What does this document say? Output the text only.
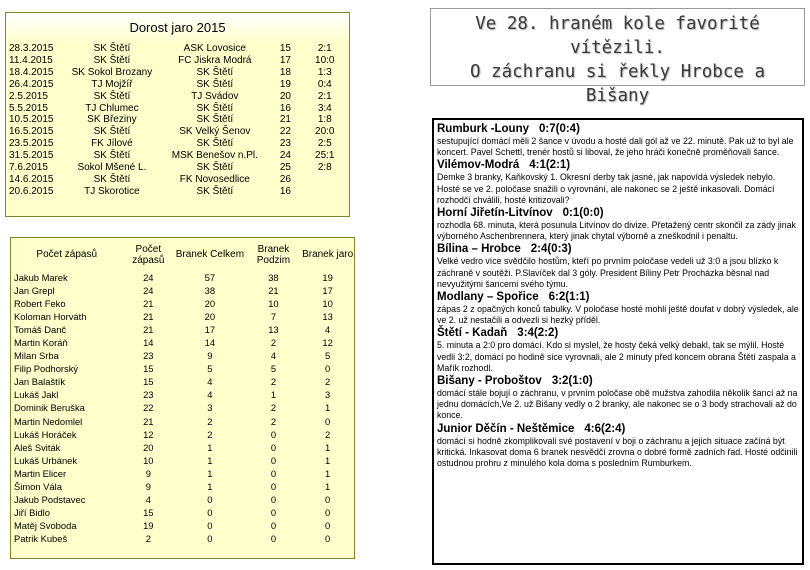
Dorost jaro 2015
28.3.2015	SK Štětí	ASK Lovosice	15	2:1
11.4.2015	SK Štětí	FC Jiskra Modrá	17	10:0
18.4.2015	SK Sokol Brozany	SK Štětí	18	1:3
26.4.2015	TJ Mojžíř	SK Štětí	19	0:4
2.5.2015	SK Štětí	TJ Svádov	20	2:1
5.5.2015	TJ Chlumec	SK Štětí	16	3:4
10.5.2015	SK Březiny	SK Štětí	21	1:8
16.5.2015	SK Štětí	SK Velký Šenov	22	20:0
23.5.2015	FK Jílové	SK Štětí	23	2:5
31.5.2015	SK Štětí	MSK Benešov n.Pl.	24	25:1
7.6.2015	Sokol Mšené L.	SK Štětí	25	2:8
14.6.2015	SK Štětí	FK Novosedlice	26	
20.6.2015	TJ Skorotice	SK Štětí	16	
Počet zápasů	Počet zápasů	Branek Celkem	Branek Podzim	Branek jaro
Jakub Marek	24	57	38	19
Jan Grepl	24	38	21	17
Robert Feko	21	20	10	10
Koloman Horváth	21	20	7	13
Tomáš Danč	21	17	13	4
Martin Koráň	14	14	2	12
Milan Srba	23	9	4	5
Filip Podhorský	15	5	5	0
Jan Balaštík	15	4	2	2
Lukáš Jakl	23	4	1	3
Dominik Beruška	22	3	2	1
Martin Nedomlel	21	2	2	0
Lukáš Horáček	12	2	0	2
Aleš Sviták	20	1	0	1
Lukáš Urbánek	10	1	0	1
Martin Elicer	9	1	0	1
Šimon Vála	9	1	0	1
Jakub Podstavec	4	0	0	0
Jiří Bidlo	15	0	0	0
Matěj Svoboda	19	0	0	0
Patrik Kubeš	2	0	0	0
Ve 28. hraném kole favorité vítězili.
O záchranu si řekly Hrobce a
Bišany
Rumburk -Louny 0:7(0:4)
sestupující domácí měli 2 šance v úvodu a hosté dali gól až ve 22. minutě. Pak už to byl ale koncert. Pavel Schettl, trenér hostů si liboval, že jeho hráči konečně proměňovali šance.
Vilémov-Modrá 4:1(2:1)
Demke 3 branky, Kaňkovský 1. Okresní derby tak jasné, jak napovídá výsledek nebylo. Hosté se ve 2. poločase snažili o vyrovnání, ale nakonec se 2 ještě inkasovali. Domácí rozhodčí chválili, hosté kritizovali?
Horní Jiřetín-Litvínov 0:1(0:0)
rozhodla 68. minuta, která posunula Litvínov do divize. Přetažený centr skončil za zády jinak výborného Aschenbrennera, který jinak chytal výborně a zneškodnil i penaltu.
Bílina – Hrobce 2:4(0:3)
Velké vedro více svědčilo hostům, kteří po prvním poločase vedeli už 3:0 a jsou blízko k záchraně v soutěži. P.Slavíček dal 3 góly. President Bíliny Petr Procházka běsnal nad nevyužitými šancemi svého týmu.
Modlany – Spořice 6:2(1:1)
zápas 2 z opačných konců tabulky. V poločase hosté mohli ještě doufat v dobrý výsledek, ale ve 2. už nestačili a odvezli si hezký příděl.
Štětí - Kadaň 3:4(2:2)
5. minuta a 2:0 pro domácí. Kdo si myslel, že hosty čeká velký debakl, tak se mýlil. Hosté vedli 3:2, domácí po hodině sice vyrovnali, ale 2 minuty před koncem obrana Štětí zaspala a Mařík rozhodl.
Bišany - Proboštov 3:2(1:0)
domácí stále bojují o záchranu, v prvním poločase obě mužstva zahodila několik šancí až na jednu domácích,Ve 2. už Bišany vedly o 2 branky, ale nakonec se o 3 body strachovali až do konce.
Junior Děčín - Neštěmice 4:6(2:4)
domácí si hodně zkomplikovali své postavení v boji o záchranu a jejich situace začíná být kritická. Inkasovat doma 6 branek nesvědčí zrovna o dobré formě zadních řad. Hosté odčinili ostudnou prohru z minulého kola doma s posledním Rumburkem.
